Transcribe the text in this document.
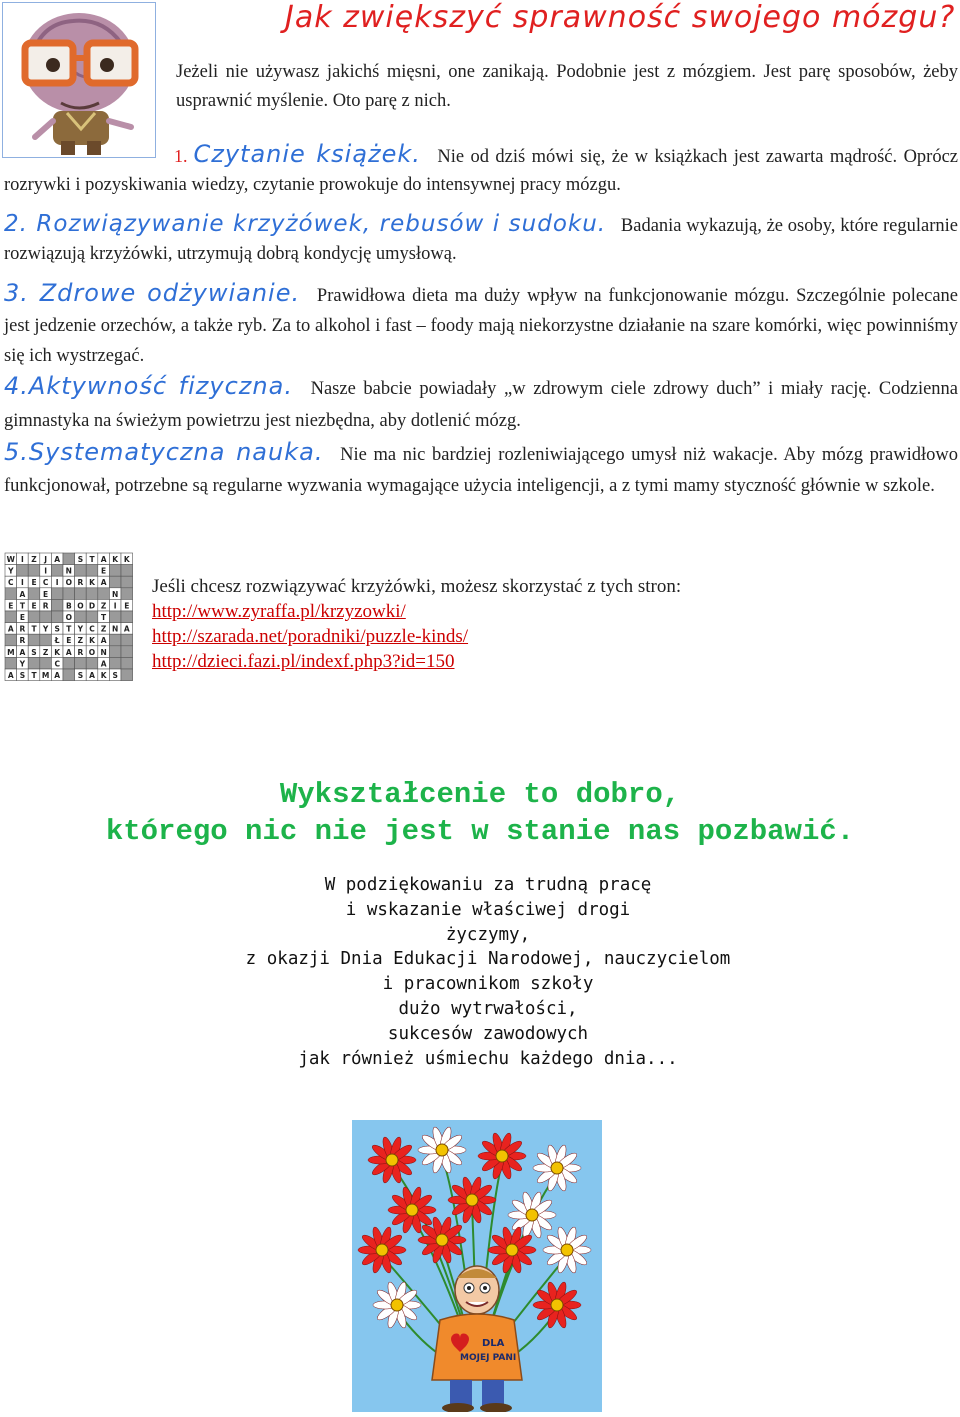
Jak zwiększyć sprawność swojego mózgu?

Jeżeli nie używasz jakichś mięsni, one zanikają. Podobnie jest z mózgiem. Jest parę sposobów, żeby usprawnić myślenie. Oto parę z nich.

1. Czytanie książek. Nie od dziś mówi się, że w książkach jest zawarta mądrość. Oprócz rozrywki i pozyskiwania wiedzy, czytanie prowokuje do intensywnej pracy mózgu.

2. Rozwiązywanie krzyżówek, rebusów i sudoku. Badania wykazują, że osoby, które regularnie rozwiązują krzyżówki, utrzymują dobrą kondycję umysłową.

3. Zdrowe odżywianie. Prawidłowa dieta ma duży wpływ na funkcjonowanie mózgu. Szczególnie polecane jest jedzenie orzechów, a także ryb. Za to alkohol i fast – foody mają niekorzystne działanie na szare komórki, więc powinniśmy się ich wystrzegać.

4.Aktywność fizyczna. Nasze babcie powiadały „w zdrowym ciele zdrowy duch” i miały rację. Codzienna gimnastyka na świeżym powietrzu jest niezbędna, aby dotlenić mózg.

5.Systematyczna nauka. Nie ma nic bardziej rozleniwiającego umysł niż wakacje. Aby mózg prawidłowo funkcjonował, potrzebne są regularne wyzwania wymagające użycia inteligencji, a z tymi mamy styczność głównie w szkole.

W I Z J A S T A K K
Y	I N	E
C I E C I O R K A
A E	N
E T E R B O D Z I E
E	O	T
A R T Y S T Y C Z N A
R	Ł E Z K A
M A S Z K A R O N
Y	C	A
A S T M A S A K S
Jeśli chcesz rozwiązywać krzyżówki, możesz skorzystać z tych stron:
http://www.zyraffa.pl/krzyzowki/
http://szarada.net/poradniki/puzzle-kinds/
http://dzieci.fazi.pl/indexf.php3?id=150
Wykształcenie to dobro,
którego nic nie jest w stanie nas pozbawić.
W podziękowaniu za trudną pracę
i wskazanie właściwej drogi
życzymy,
z okazji Dnia Edukacji Narodowej, nauczycielom
i pracownikom szkoły
dużo wytrwałości,
sukcesów zawodowych
jak również uśmiechu każdego dnia...
DLA
MOJEJ PANI
